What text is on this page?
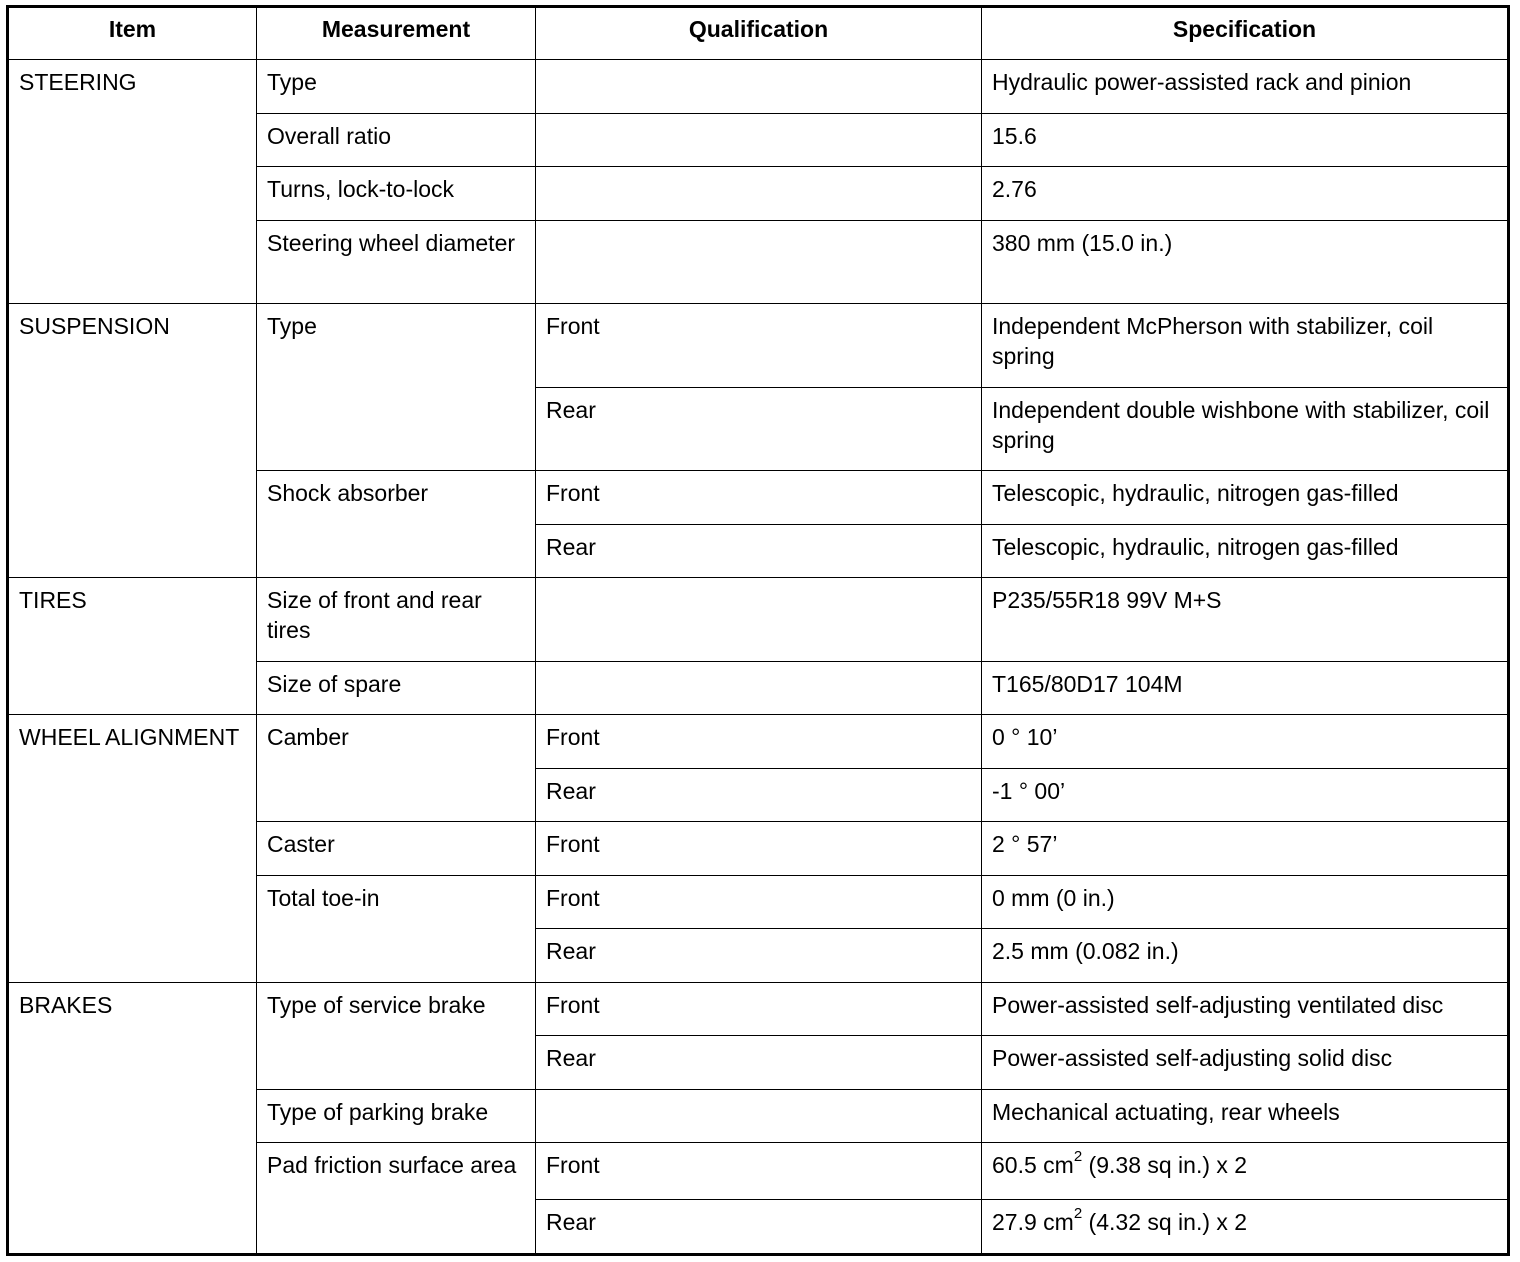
Item	Measurement	Qualification	Specification
STEERING	Type		Hydraulic power-assisted rack and pinion
	Overall ratio		15.6
	Turns, lock-to-lock		2.76
	Steering wheel diameter		380 mm (15.0 in.)
SUSPENSION	Type	Front	Independent McPherson with stabilizer, coil spring
		Rear	Independent double wishbone with stabilizer, coil spring
	Shock absorber	Front	Telescopic, hydraulic, nitrogen gas-filled
		Rear	Telescopic, hydraulic, nitrogen gas-filled
TIRES	Size of front and rear tires		P235/55R18 99V M+S
	Size of spare		T165/80D17 104M
WHEEL ALIGNMENT	Camber	Front	0 ° 10’
		Rear	-1 ° 00’
	Caster	Front	2 ° 57’
	Total toe-in	Front	0 mm (0 in.)
		Rear	2.5 mm (0.082 in.)
BRAKES	Type of service brake	Front	Power-assisted self-adjusting ventilated disc
		Rear	Power-assisted self-adjusting solid disc
	Type of parking brake		Mechanical actuating, rear wheels
	Pad friction surface area	Front	60.5 $cm^2$ (9.38 sq in.) x 2
		Rear	27.9 $cm^2$ (4.32 sq in.) x 2
